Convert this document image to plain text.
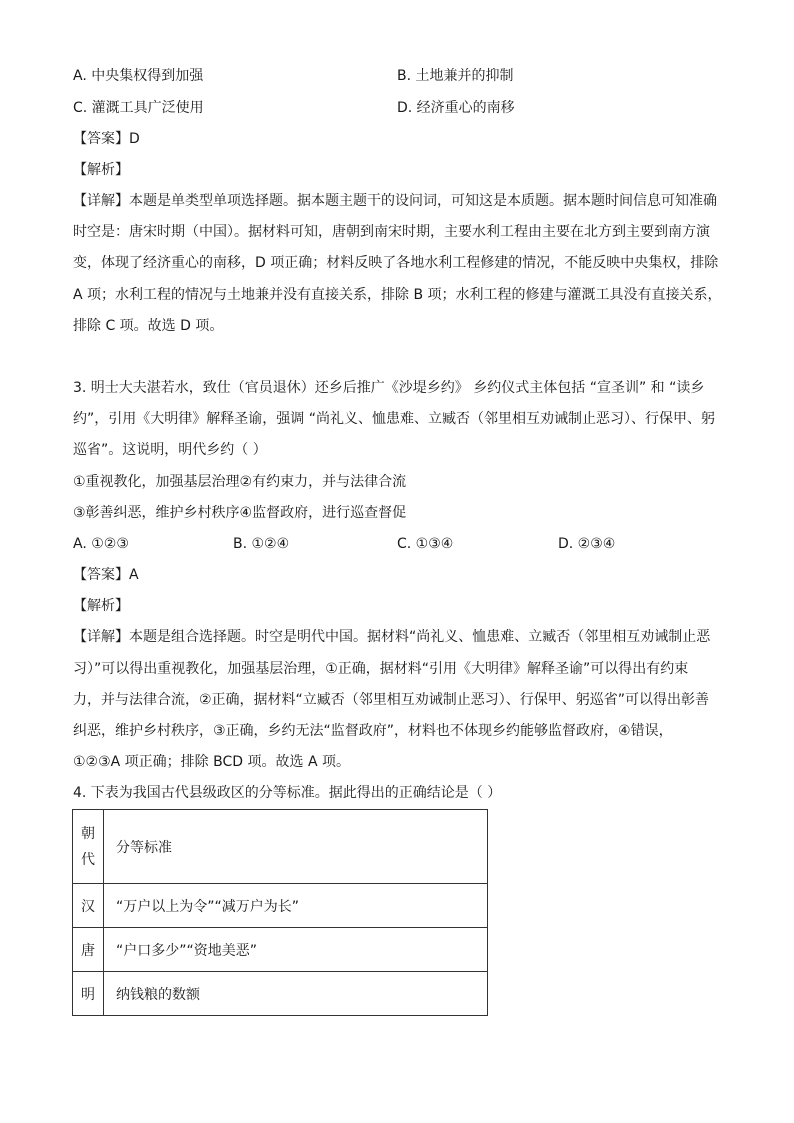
A. 中央集权得到加强	B. 土地兼并的抑制
C. 灌溉工具广泛使用	D. 经济重心的南移
【答案】D
【解析】
【详解】本题是单类型单项选择题。据本题主题干的设问词，可知这是本质题。据本题时间信息可知准确
时空是：唐宋时期（中国）。据材料可知，唐朝到南宋时期，主要水利工程由主要在北方到主要到南方演
变，体现了经济重心的南移，D 项正确；材料反映了各地水利工程修建的情况，不能反映中央集权，排除
A 项；水利工程的情况与土地兼并没有直接关系，排除 B 项；水利工程的修建与灌溉工具没有直接关系，
排除 C 项。故选 D 项。
3. 明士大夫湛若水，致仕（官员退休）还乡后推广《沙堤乡约》 乡约仪式主体包括 “宣圣训” 和 “读乡
约”，引用《大明律》解释圣谕，强调 “尚礼义、恤患难、立臧否（邻里相互劝诫制止恶习）、行保甲、躬
巡省”。这说明，明代乡约（ ）
①重视教化，加强基层治理②有约束力，并与法律合流
③彰善纠恶，维护乡村秩序④监督政府，进行巡查督促
A. ①②③	B. ①②④	C. ①③④	D. ②③④
【答案】A
【解析】
【详解】本题是组合选择题。时空是明代中国。据材料“尚礼义、恤患难、立臧否（邻里相互劝诫制止恶
习）”可以得出重视教化，加强基层治理，①正确，据材料“引用《大明律》解释圣谕”可以得出有约束
力，并与法律合流，②正确，据材料“立臧否（邻里相互劝诫制止恶习）、行保甲、躬巡省”可以得出彰善
纠恶，维护乡村秩序，③正确，乡约无法“监督政府”，材料也不体现乡约能够监督政府，④错误，
①②③A 项正确；排除 BCD 项。故选 A 项。
4. 下表为我国古代县级政区的分等标准。据此得出的正确结论是（ ）
朝代	分等标准
汉	“万户以上为令”“减万户为长”
唐	“户口多少”“资地美恶”
明	纳钱粮的数额
